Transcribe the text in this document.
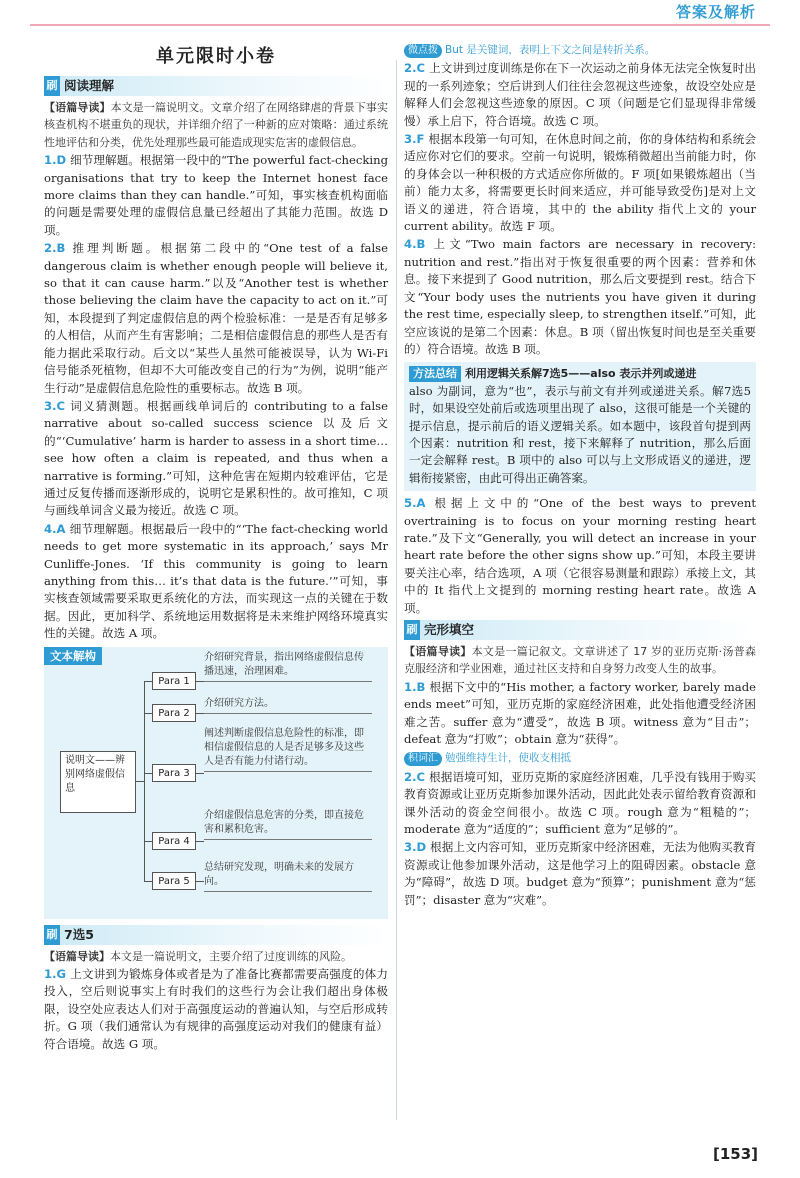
答案及解析
单元限时小卷
刷 阅读理解

【语篇导读】本文是一篇说明文。文章介绍了在网络肆虐的背景下事实核查机构不堪重负的现状，并详细介绍了一种新的应对策略：通过系统性地评估和分类，优先处理那些最可能造成现实危害的虚假信息。

1.D 细节理解题。根据第一段中的“The powerful fact-checking organisations that try to keep the Internet honest face more claims than they can handle.”可知，事实核查机构面临的问题是需要处理的虚假信息量已经超出了其能力范围。故选 D 项。

2.B 推理判断题。根据第二段中的“One test of a false dangerous claim is whether enough people will believe it, so that it can cause harm.”以及“Another test is whether those believing the claim have the capacity to act on it.”可知，本段提到了判定虚假信息的两个检验标准：一是是否有足够多的人相信，从而产生有害影响；二是相信虚假信息的那些人是否有能力据此采取行动。后文以“某些人虽然可能被误导，认为 Wi-Fi 信号能杀死植物，但却不大可能改变自己的行为”为例，说明“能产生行动”是虚假信息危险性的重要标志。故选 B 项。

3.C 词义猜测题。根据画线单词后的 contributing to a false narrative about so-called success science 以及后文的“‘Cumulative’ harm is harder to assess in a short time… see how often a claim is repeated, and thus when a narrative is forming.”可知，这种危害在短期内较难评估，它是通过反复传播而逐渐形成的，说明它是累积性的。故可推知，C 项与画线单词含义最为接近。故选 C 项。

4.A 细节理解题。根据最后一段中的“‘The fact-checking world needs to get more systematic in its approach,’ says Mr Cunliffe-Jones. ‘If this community is going to learn anything from this… it’s that data is the future.’”可知，事实核查领域需要采取更系统化的方法，而实现这一点的关键在于数据。因此，更加科学、系统地运用数据将是未来维护网络环境真实性的关键。故选 A 项。

文本解构
说明文——辨别网络虚假信息
Para 1
Para 2
Para 3
Para 4
Para 5
介绍研究背景，指出网络虚假信息传播迅速，治理困难。
介绍研究方法。
阐述判断虚假信息危险性的标准，即相信虚假信息的人是否足够多及这些人是否有能力付诸行动。
介绍虚假信息危害的分类，即直接危害和累积危害。
总结研究发现，明确未来的发展方向。
刷 7选5

【语篇导读】本文是一篇说明文，主要介绍了过度训练的风险。

1.G 上文讲到为锻炼身体或者是为了准备比赛都需要高强度的体力投入，空后则说事实上有时我们的这些行为会让我们超出身体极限，设空处应表达人们对于高强度运动的普遍认知，与空后形成转折。G 项（我们通常认为有规律的高强度运动对我们的健康有益）符合语境。故选 G 项。

微点拨 But 是关键词，表明上下文之间是转折关系。

2.C 上文讲到过度训练是你在下一次运动之前身体无法完全恢复时出现的一系列迹象；空后讲到人们往往会忽视这些迹象，故设空处应是解释人们会忽视这些迹象的原因。C 项（问题是它们显现得非常缓慢）承上启下，符合语境。故选 C 项。

3.F 根据本段第一句可知，在休息时间之前，你的身体结构和系统会适应你对它们的要求。空前一句说明，锻炼稍微超出当前能力时，你的身体会以一种积极的方式适应你所做的。F 项[如果锻炼超出（当前）能力太多，将需要更长时间来适应，并可能导致受伤]是对上文语义的递进，符合语境，其中的 the ability 指代上文的 your current ability。故选 F 项。

4.B 上文“Two main factors are necessary in recovery: nutrition and rest.”指出对于恢复很重要的两个因素：营养和休息。接下来提到了 Good nutrition，那么后文要提到 rest。结合下文“Your body uses the nutrients you have given it during the rest time, especially sleep, to strengthen itself.”可知，此空应该说的是第二个因素：休息。B 项（留出恢复时间也是至关重要的）符合语境。故选 B 项。

方法总结 利用逻辑关系解7选5——also 表示并列或递进

also 为副词，意为“也”，表示与前文有并列或递进关系。解7选5时，如果设空处前后或选项里出现了 also，这很可能是一个关键的提示信息，提示前后的语义逻辑关系。如本题中，该段首句提到两个因素：nutrition 和 rest，接下来解释了 nutrition，那么后面一定会解释 rest。B 项中的 also 可以与上文形成语义的递进，逻辑衔接紧密，由此可得出正确答案。

5.A 根据上文中的“One of the best ways to prevent overtraining is to focus on your morning resting heart rate.”及下文“Generally, you will detect an increase in your heart rate before the other signs show up.”可知，本段主要讲要关注心率，结合选项，A 项（它很容易测量和跟踪）承接上文，其中的 It 指代上文提到的 morning resting heart rate。故选 A 项。

刷 完形填空

【语篇导读】本文是一篇记叙文。文章讲述了 17 岁的亚历克斯·汤普森克服经济和学业困难，通过社区支持和自身努力改变人生的故事。

1.B 根据下文中的“His mother, a factory worker, barely made ends meet”可知，亚历克斯的家庭经济困难，此处指他遭受经济困难之苦。suffer 意为“遭受”，故选 B 项。witness 意为“目击”；defeat 意为“打败”；obtain 意为“获得”。

积词汇 勉强维持生计，使收支相抵

2.C 根据语境可知，亚历克斯的家庭经济困难，几乎没有钱用于购买教育资源或让亚历克斯参加课外活动，因此此处表示留给教育资源和课外活动的资金空间很小。故选 C 项。rough 意为“粗糙的”；moderate 意为“适度的”；sufficient 意为“足够的”。

3.D 根据上文内容可知，亚历克斯家中经济困难，无法为他购买教育资源或让他参加课外活动，这是他学习上的阻碍因素。obstacle 意为“障碍”，故选 D 项。budget 意为“预算”；punishment 意为“惩罚”；disaster 意为“灾难”。

[153]
